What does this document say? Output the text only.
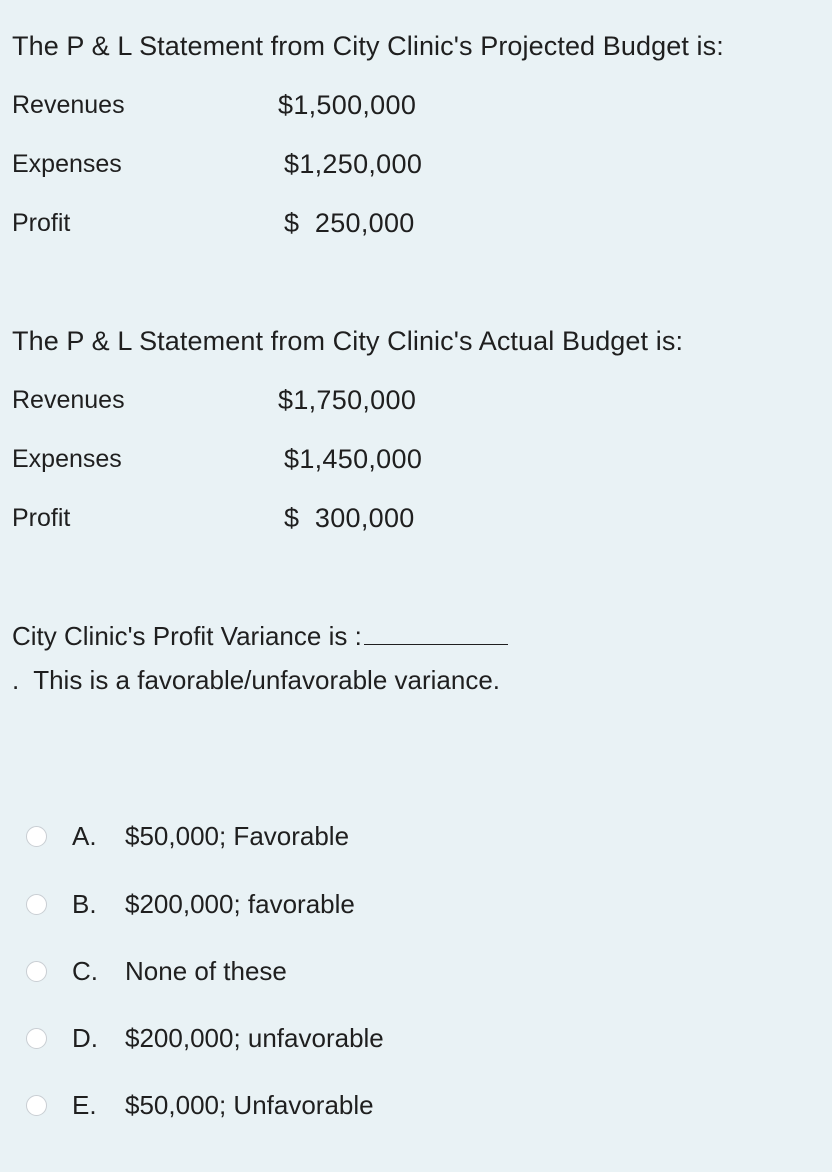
The P & L Statement from City Clinic's Projected Budget is:
Revenues	$1,500,000
Expenses	$1,250,000
Profit	$  250,000
The P & L Statement from City Clinic's Actual Budget is:
Revenues	$1,750,000
Expenses	$1,450,000
Profit	$  300,000
City Clinic's Profit Variance is :.  This is a favorable/unfavorable variance.
A. $50,000; Favorable
B. $200,000; favorable
C. None of these
D. $200,000; unfavorable
E. $50,000; Unfavorable
